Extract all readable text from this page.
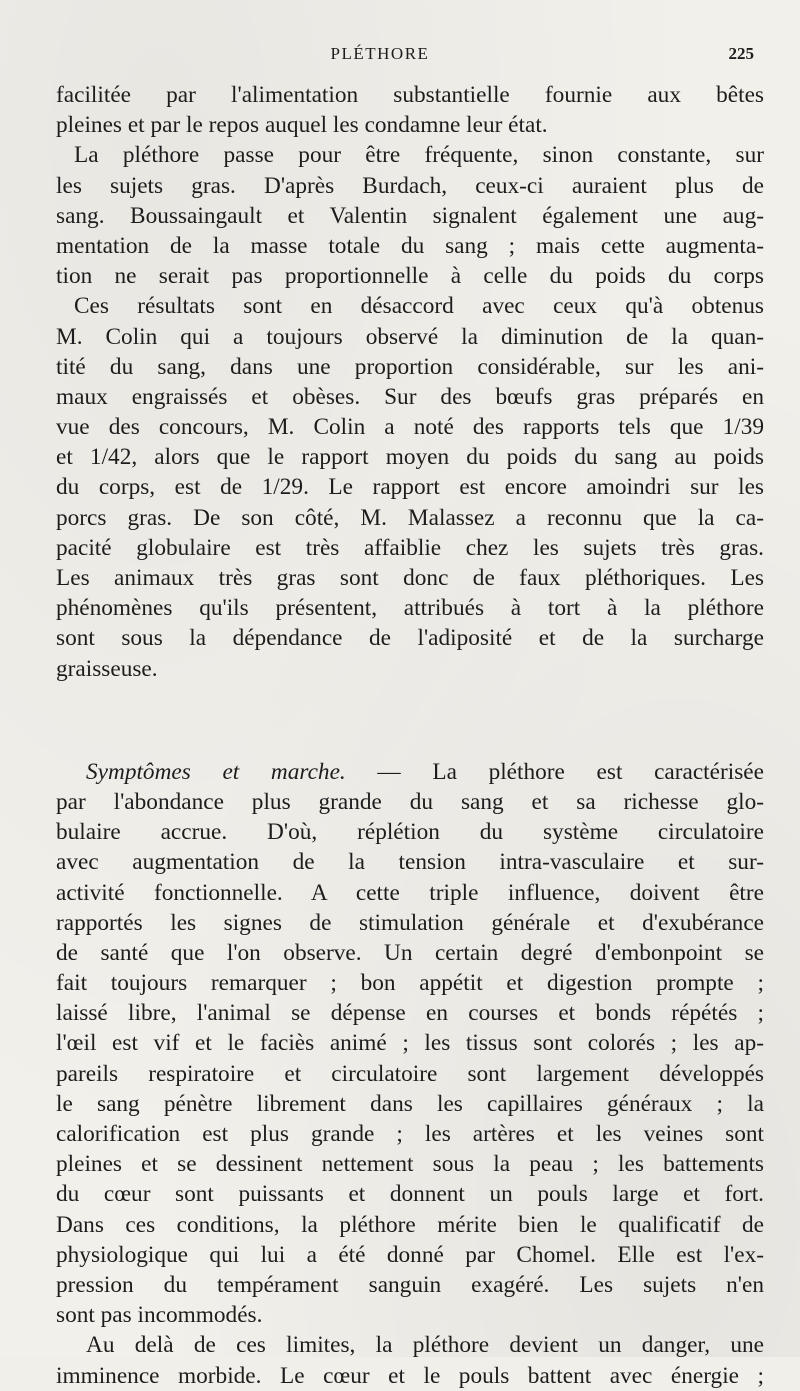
PLÉTHORE	225
facilitée par l'alimentation substantielle fournie aux bêtes
pleines et par le repos auquel les condamne leur état.
La pléthore passe pour être fréquente, sinon constante, sur
les sujets gras. D'après Burdach, ceux-ci auraient plus de
sang. Boussaingault et Valentin signalent également une aug-
mentation de la masse totale du sang ; mais cette augmenta-
tion ne serait pas proportionnelle à celle du poids du corps
Ces résultats sont en désaccord avec ceux qu'à obtenus
M. Colin qui a toujours observé la diminution de la quan-
tité du sang, dans une proportion considérable, sur les ani-
maux engraissés et obèses. Sur des bœufs gras préparés en
vue des concours, M. Colin a noté des rapports tels que 1/39
et 1/42, alors que le rapport moyen du poids du sang au poids
du corps, est de 1/29. Le rapport est encore amoindri sur les
porcs gras. De son côté, M. Malassez a reconnu que la ca-
pacité globulaire est très affaiblie chez les sujets très gras.
Les animaux très gras sont donc de faux pléthoriques. Les
phénomènes qu'ils présentent, attribués à tort à la pléthore
sont sous la dépendance de l'adiposité et de la surcharge
graisseuse.
Symptômes et marche. — La pléthore est caractérisée
par l'abondance plus grande du sang et sa richesse glo-
bulaire accrue. D'où, réplétion du système circulatoire
avec augmentation de la tension intra-vasculaire et sur-
activité fonctionnelle. A cette triple influence, doivent être
rapportés les signes de stimulation générale et d'exubérance
de santé que l'on observe. Un certain degré d'embonpoint se
fait toujours remarquer ; bon appétit et digestion prompte ;
laissé libre, l'animal se dépense en courses et bonds répétés ;
l'œil est vif et le faciès animé ; les tissus sont colorés ; les ap-
pareils respiratoire et circulatoire sont largement développés
le sang pénètre librement dans les capillaires généraux ; la
calorification est plus grande ; les artères et les veines sont
pleines et se dessinent nettement sous la peau ; les battements
du cœur sont puissants et donnent un pouls large et fort.
Dans ces conditions, la pléthore mérite bien le qualificatif de
physiologique qui lui a été donné par Chomel. Elle est l'ex-
pression du tempérament sanguin exagéré. Les sujets n'en
sont pas incommodés.
Au delà de ces limites, la pléthore devient un danger, une
imminence morbide. Le cœur et le pouls battent avec énergie ;
